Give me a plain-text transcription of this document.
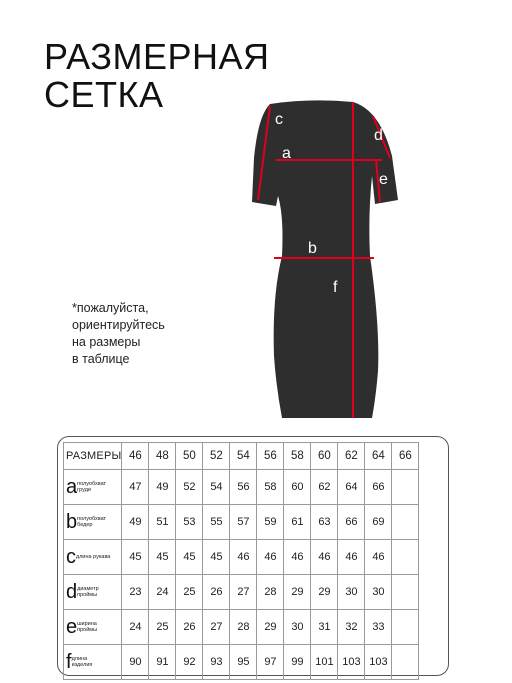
РАЗМЕРНАЯ
СЕТКА
c
a
d
e
b
f
*пожалуйста,
ориентируйтесь
на размеры
в таблице
РАЗМЕРЫ	46	48	50	52	54	56	58	60	62	64	66
aполуобхват груди	47	49	52	54	56	58	60	62	64	66	
bполуобхват бедер	49	51	53	55	57	59	61	63	66	69	
cдлина рукава	45	45	45	45	46	46	46	46	46	46	
dдиаметр проймы	23	24	25	26	27	28	29	29	30	30	
eширина проймы	24	25	26	27	28	29	30	31	32	33	
fдлина изделия	90	91	92	93	95	97	99	101	103	103	
